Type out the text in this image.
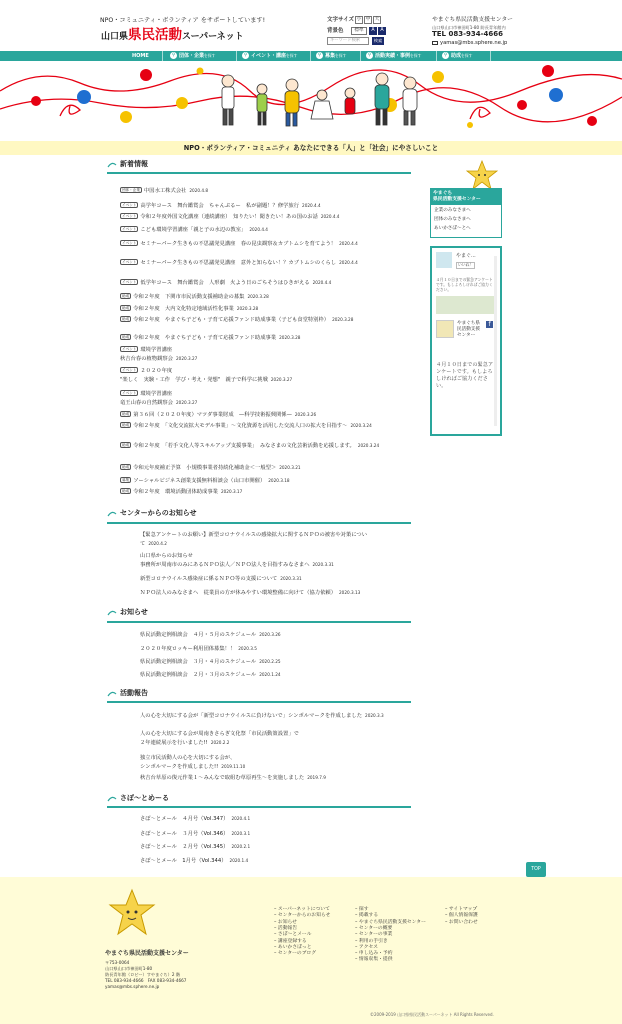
NPO・コミュニティ・ボランティア をサポートしています!
山口県県民活動スーパーネット
文字サイズ 小 中 大
背景色	標準	A	A
キーワード検索	検索
やまぐち県民活動支援センター
山口県山口市神田町1-80 防長青年館内
TEL 083-934-4666
yamas@mbs.sphere.ne.jp
HOME	⚲ 団体・企業を探す	⚲ イベント・講座を探す	⚲ 募集を探す	⚲ 活動実績・事例を探す	⚲ 助成を探す
NPO・ボランティア・コミュニティ あなたにできる「人」と「社会」にやさしいこと
新着情報
団体・企業 中国水工株式会社 2020.4.8
イベント 高学年コース　舞台鑑賞会　ちゃんぷるー　私が副題！？修学旅行 2020.4.4
イベント 令和２年度外国文化講座（連続講座）　知りたい！聞きたい！あの国のお話 2020.4.4
イベント こども環境学習講座「親と子の水辺の教室」 2020.4.4
イベント セミナーパーク生きもの不思議発見講座　春の昆虫観察＆カブトムシを育てよう！ 2020.4.4
イベント セミナーパーク生きもの不思議発見講座　意外と知らない！？カブトムシのくらし 2020.4.4
イベント 低学年コース　舞台鑑賞会　人形劇　火よう日のごちそうはひきがえる 2020.4.4
助成 令和２年度　下関市市民活動支援補助金の募集 2020.3.28
助成 令和２年度　大内文化特定地域活性化事業 2020.3.28
助成 令和２年度　やまぐち子ども・子育て応援ファンド助成事業（子ども食堂特別枠） 2020.3.28
助成 令和２年度　やまぐち子ども・子育て応援ファンド助成事業 2020.3.28
イベント 環境学習講座
秋吉台春の植物観察会 2020.3.27
イベント ２０２０年度
"楽しく　実験・工作　学び・考え・発想"　親子で科学に挑戦 2020.3.27
イベント 環境学習講座
竜王山春の自然観察会 2020.3.27
助成 第３６回（２０２０年度）マツダ事業財成　—科学技術振興関係— 2020.3.26
助成 令和２年度　「文化交流拡大モデル事業」～文化資源を活用した交流人口の拡大を目指す～ 2020.3.24
助成 令和２年度　「若手文化人等スキルアップ支援事業」　みなさまの文化芸術活動を応援します。 2020.3.24
助成 令和元年度補正予算　小規模事業者持続化補助金＜一般型＞ 2020.3.21
募集 ソーシャルビジネス創業支援無料相談会（山口市開催） 2020.3.18
助成 令和２年度　環境活動団体助成事業 2020.3.17
センターからのお知らせ
【緊急アンケートのお願い】新型コロナウイルスの感染拡大に関するＮＰＯの被害や対策につい
て 2020.4.2
山口県からのお知らせ
事務所が周南市のみにあるＮＰＯ法人／ＮＰＯ法人を目指すみなさまへ 2020.3.31
新型コロナウイルス感染症に係るＮＰＯ等の支援について 2020.3.31
ＮＰＯ法人のみなさまへ　従業員の方が休みやすい環境整備に向けて（協力依頼） 2020.3.13
お知らせ
県民活動定例相談会　４月・５月のスケジュール 2020.3.26
２０２０年度ロッキー利用団体募集！！ 2020.3.5
県民活動定例相談会　３月・４月のスケジュール 2020.2.25
県民活動定例相談会　２月・３月のスケジュール 2020.1.24
活動報告
人の心を大切にする会が「新型コロナウイルスに負けないで」シンボルマークを作成しました 2020.3.3
人の心を大切にする会が周南きさらぎ文化祭「市民活動策設置」で
２年連続展示を行いました!! 2020.2.2
独立市民活動人の心を大切にする会が、
シンボルマークを作成しました!! 2019.11.10
秋吉台草原の復元作業１～みんなで取組む草原再生～を実施しました 2019.7.9
さぽ～とめーる
さぽ～とメール　４月号（Vol.347） 2020.4.1
さぽ～とメール　３月号（Vol.346） 2020.3.1
さぽ～とメール　２月号（Vol.345） 2020.2.1
さぽ～とメール　1月号（Vol.344） 2020.1.4
やまぐち
県民活動支援センター
企業のみなさまへ
団体のみなさまへ
あいかさぽ～とへ
やまぐ...
いいね！
４月１０日までの緊急アンケートです。もしよろしければご協力ください。
やまぐち県民活動支援センター
f
４月１０日までの緊急アンケートです。もしよろしければご協力ください。
TOP
やまぐち県民活動支援センター
〒753-0064
山口県山口市神田町1-80
防長青年館（ロビー）すやまぐち）2 階
TEL 083-934-4666　FAX 083-934-4667
yamas@mbs.sphere.ne.jp
– スーパーネットについて
– センターからのお知らせ
– お知らせ
– 活動報告
– さぽ～とメール
– 講座登録する
– あいかさぽっと
– センターのブログ
– 探す
– 掲載する
– やまぐち県民活動支援センター
– センターの概要
– センターの事業
– 利用の手引き
– アクセス
– 申し込み・予約
– 情報収集・提供
– サイトマップ
– 個人情報保護
– お問い合わせ
©2009-2019 山口県県民活動スーパーネット All Rights Reserved.
